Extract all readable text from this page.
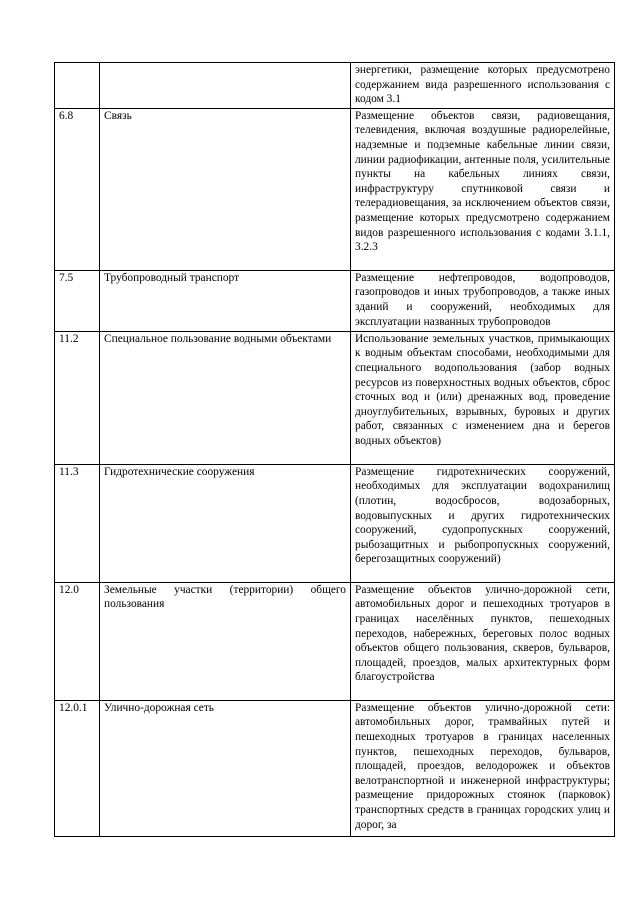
		энергетики, размещение которых предусмотрено содержанием вида разрешенного использования с кодом 3.1
6.8	Связь	Размещение объектов связи, радиовещания, телевидения, включая воздушные радиорелейные, надземные и подземные кабельные линии связи, линии радиофикации, антенные поля, усилительные пункты на кабельных линиях связи, инфраструктуру спутниковой связи и телерадиовещания, за исключением объектов связи, размещение которых предусмотрено содержанием видов разрешенного использования с кодами 3.1.1, 3.2.3
7.5	Трубопроводный транспорт	Размещение нефтепроводов, водопроводов, газопроводов и иных трубопроводов, а также иных зданий и сооружений, необходимых для эксплуатации названных трубопроводов
11.2	Специальное пользование водными объектами	Использование земельных участков, примыкающих к водным объектам способами, необходимыми для специального водопользования (забор водных ресурсов из поверхностных водных объектов, сброс сточных вод и (или) дренажных вод, проведение дноуглубительных, взрывных, буровых и других работ, связанных с изменением дна и берегов водных объектов)
11.3	Гидротехнические сооружения	Размещение гидротехнических сооружений, необходимых для эксплуатации водохранилищ (плотин, водосбросов, водозаборных, водовыпускных и других гидротехнических сооружений, судопропускных сооружений, рыбозащитных и рыбопропускных сооружений, берегозащитных сооружений)
12.0	Земельные участки (территории) общего пользования	Размещение объектов улично-дорожной сети, автомобильных дорог и пешеходных тротуаров в границах населённых пунктов, пешеходных переходов, набережных, береговых полос водных объектов общего пользования, скверов, бульваров, площадей, проездов, малых архитектурных форм благоустройства
12.0.1	Улично-дорожная сеть	Размещение объектов улично-дорожной сети: автомобильных дорог, трамвайных путей и пешеходных тротуаров в границах населенных пунктов, пешеходных переходов, бульваров, площадей, проездов, велодорожек и объектов велотранспортной и инженерной инфраструктуры; размещение придорожных стоянок (парковок) транспортных средств в границах городских улиц и дорог, за
